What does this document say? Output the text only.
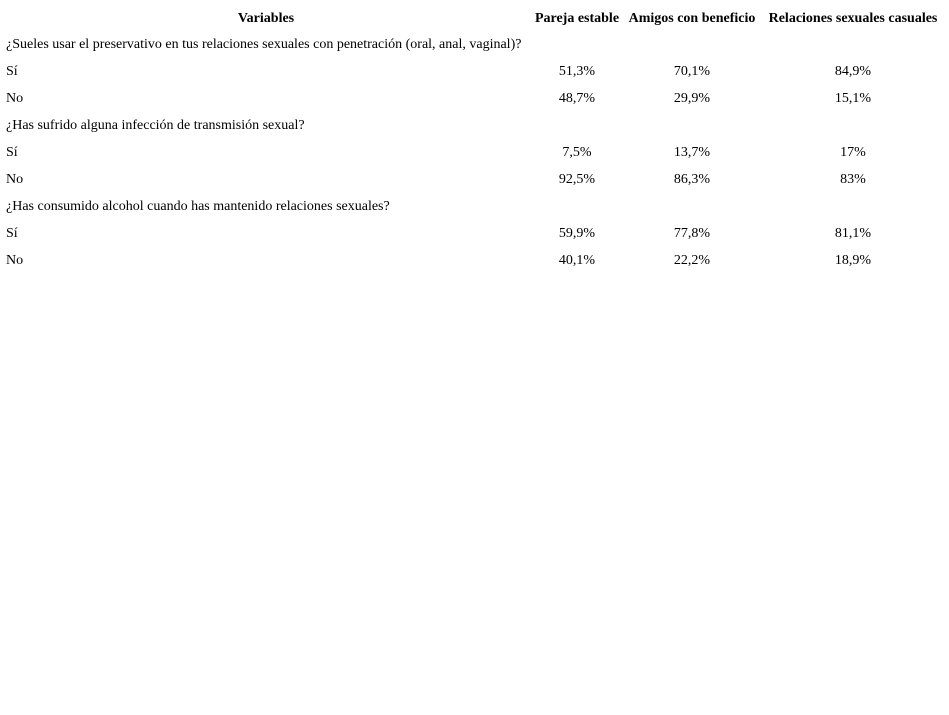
Variables	Pareja estable	Amigos con beneficio	Relaciones sexuales casuales
¿Sueles usar el preservativo en tus relaciones sexuales con penetración (oral, anal, vaginal)?			
Sí	51,3%	70,1%	84,9%
No	48,7%	29,9%	15,1%
¿Has sufrido alguna infección de transmisión sexual?			
Sí	7,5%	13,7%	17%
No	92,5%	86,3%	83%
¿Has consumido alcohol cuando has mantenido relaciones sexuales?			
Sí	59,9%	77,8%	81,1%
No	40,1%	22,2%	18,9%
